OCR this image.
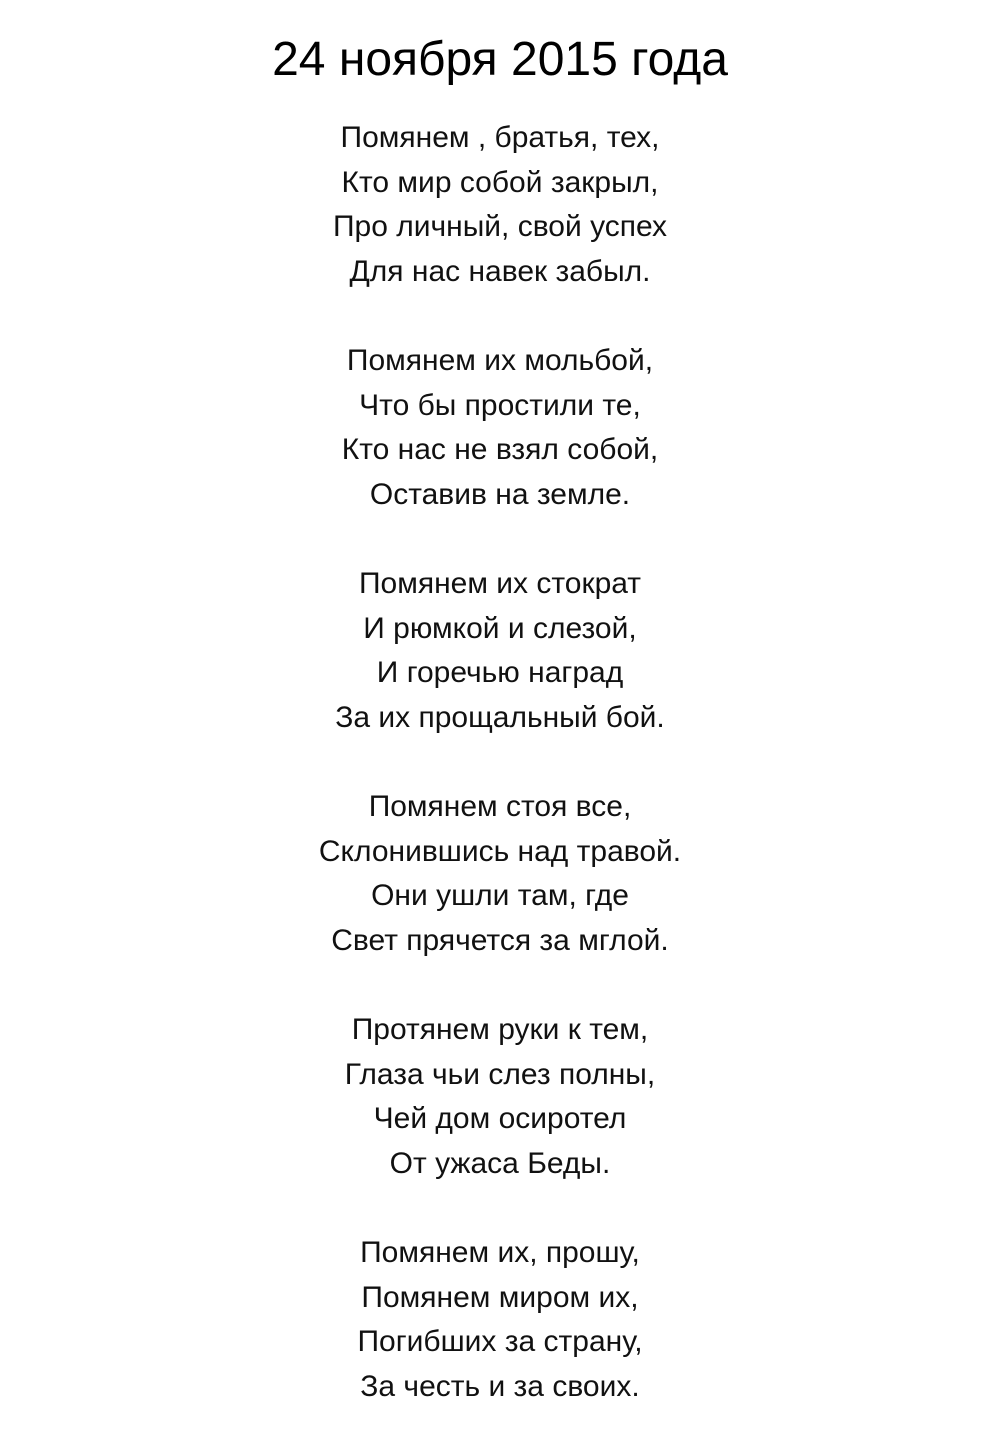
24 ноября 2015 года
Помянем , братья, тех,
Кто мир собой закрыл,
Про личный, свой успех
Для нас навек забыл.
Помянем их мольбой,
Что бы простили те,
Кто нас не взял собой,
Оставив на земле.
Помянем их стократ
И рюмкой и слезой,
И горечью наград
За их прощальный бой.
Помянем стоя все,
Склонившись над травой.
Они ушли там, где
Свет прячется за мглой.
Протянем руки к тем,
Глаза чьи слез полны,
Чей дом осиротел
От ужаса Беды.
Помянем их, прошу,
Помянем миром их,
Погибших за страну,
За честь и за своих.
